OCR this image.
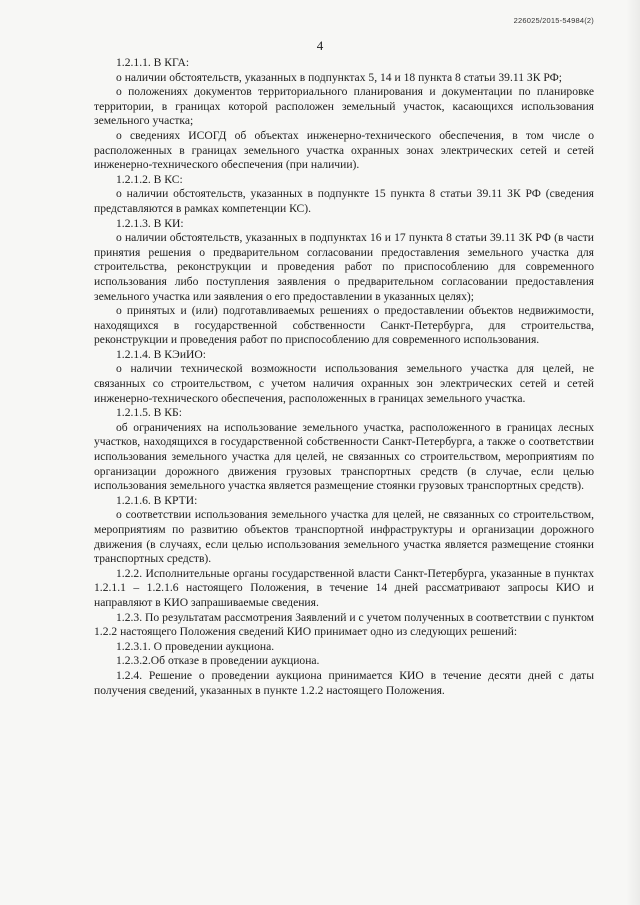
226025/2015-54984(2)
4

1.2.1.1. В КГА:

о наличии обстоятельств, указанных в подпунктах 5, 14 и 18 пункта 8 статьи 39.11 ЗК РФ;

о положениях документов территориального планирования и документации по планировке территории, в границах которой расположен земельный участок, касающихся использования земельного участка;

о сведениях ИСОГД об объектах инженерно-технического обеспечения, в том числе о расположенных в границах земельного участка охранных зонах электрических сетей и сетей инженерно-технического обеспечения (при наличии).

1.2.1.2. В КС:

о наличии обстоятельств, указанных в подпункте 15 пункта 8 статьи 39.11 ЗК РФ (сведения представляются в рамках компетенции КС).

1.2.1.3. В КИ:

о наличии обстоятельств, указанных в подпунктах 16 и 17 пункта 8 статьи 39.11 ЗК РФ (в части принятия решения о предварительном согласовании предоставления земельного участка для строительства, реконструкции и проведения работ по приспособлению для современного использования либо поступления заявления о предварительном согласовании предоставления земельного участка или заявления о его предоставлении в указанных целях);

о принятых и (или) подготавливаемых решениях о предоставлении объектов недвижимости, находящихся в государственной собственности Санкт-Петербурга, для строительства, реконструкции и проведения работ по приспособлению для современного использования.

1.2.1.4. В КЭиИО:

о наличии технической возможности использования земельного участка для целей, не связанных со строительством, с учетом наличия охранных зон электрических сетей и сетей инженерно-технического обеспечения, расположенных в границах земельного участка.

1.2.1.5. В КБ:

об ограничениях на использование земельного участка, расположенного в границах лесных участков, находящихся в государственной собственности Санкт-Петербурга, а также о соответствии использования земельного участка для целей, не связанных со строительством, мероприятиям по организации дорожного движения грузовых транспортных средств (в случае, если целью использования земельного участка является размещение стоянки грузовых транспортных средств).

1.2.1.6. В КРТИ:

о соответствии использования земельного участка для целей, не связанных со строительством, мероприятиям по развитию объектов транспортной инфраструктуры и организации дорожного движения (в случаях, если целью использования земельного участка является размещение стоянки транспортных средств).

1.2.2. Исполнительные органы государственной власти Санкт-Петербурга, указанные в пунктах 1.2.1.1 – 1.2.1.6 настоящего Положения, в течение 14 дней рассматривают запросы КИО и направляют в КИО запрашиваемые сведения.

1.2.3. По результатам рассмотрения Заявлений и с учетом полученных в соответствии с пунктом 1.2.2 настоящего Положения сведений КИО принимает одно из следующих решений:

1.2.3.1. О проведении аукциона.

1.2.3.2.Об отказе в проведении аукциона.

1.2.4. Решение о проведении аукциона принимается КИО в течение десяти дней с даты получения сведений, указанных в пункте 1.2.2 настоящего Положения.
